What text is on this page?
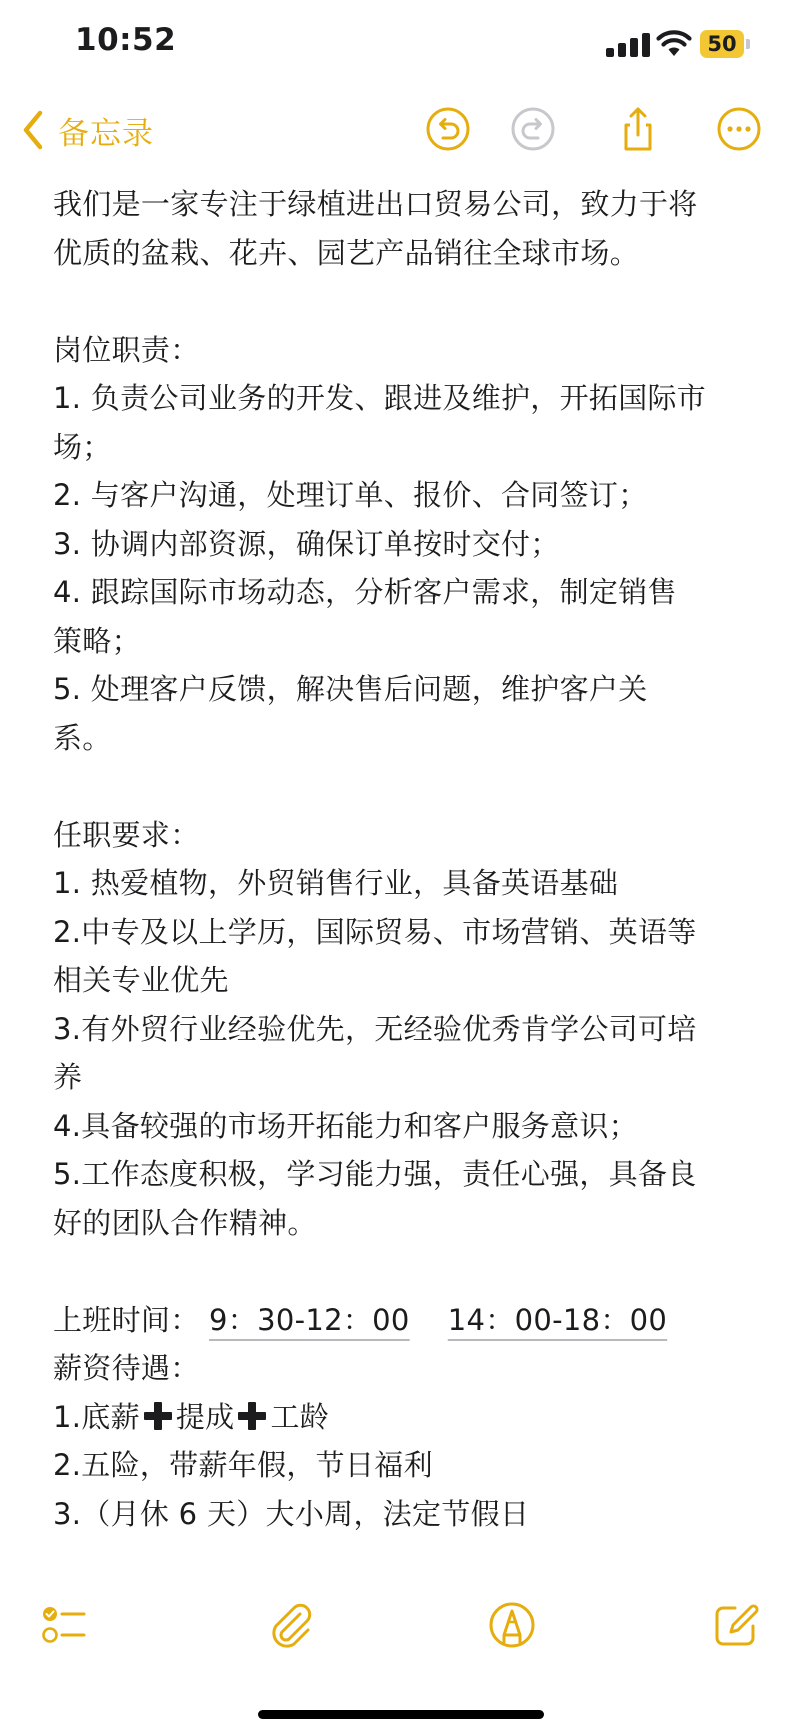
10:52	50
备忘录
我们是一家专注于绿植进出口贸易公司，致力于将
优质的盆栽、花卉、园艺产品销往全球市场。
岗位职责：
1. 负责公司业务的开发、跟进及维护，开拓国际市
场；
2. 与客户沟通，处理订单、报价、合同签订；
3. 协调内部资源，确保订单按时交付；
4. 跟踪国际市场动态，分析客户需求，制定销售
策略；
5. 处理客户反馈，解决售后问题，维护客户关
系。
任职要求：
1. 热爱植物，外贸销售行业，具备英语基础
2.中专及以上学历，国际贸易、市场营销、英语等
相关专业优先
3.有外贸行业经验优先，无经验优秀肯学公司可培
养
4.具备较强的市场开拓能力和客户服务意识；
5.工作态度积极，学习能力强，责任心强，具备良
好的团队合作精神。
上班时间： 9：30-12：00 14：00-18：00
薪资待遇：
1.底薪 提成 工龄
2.五险，带薪年假，节日福利
3.（月休 6 天）大小周，法定节假日
